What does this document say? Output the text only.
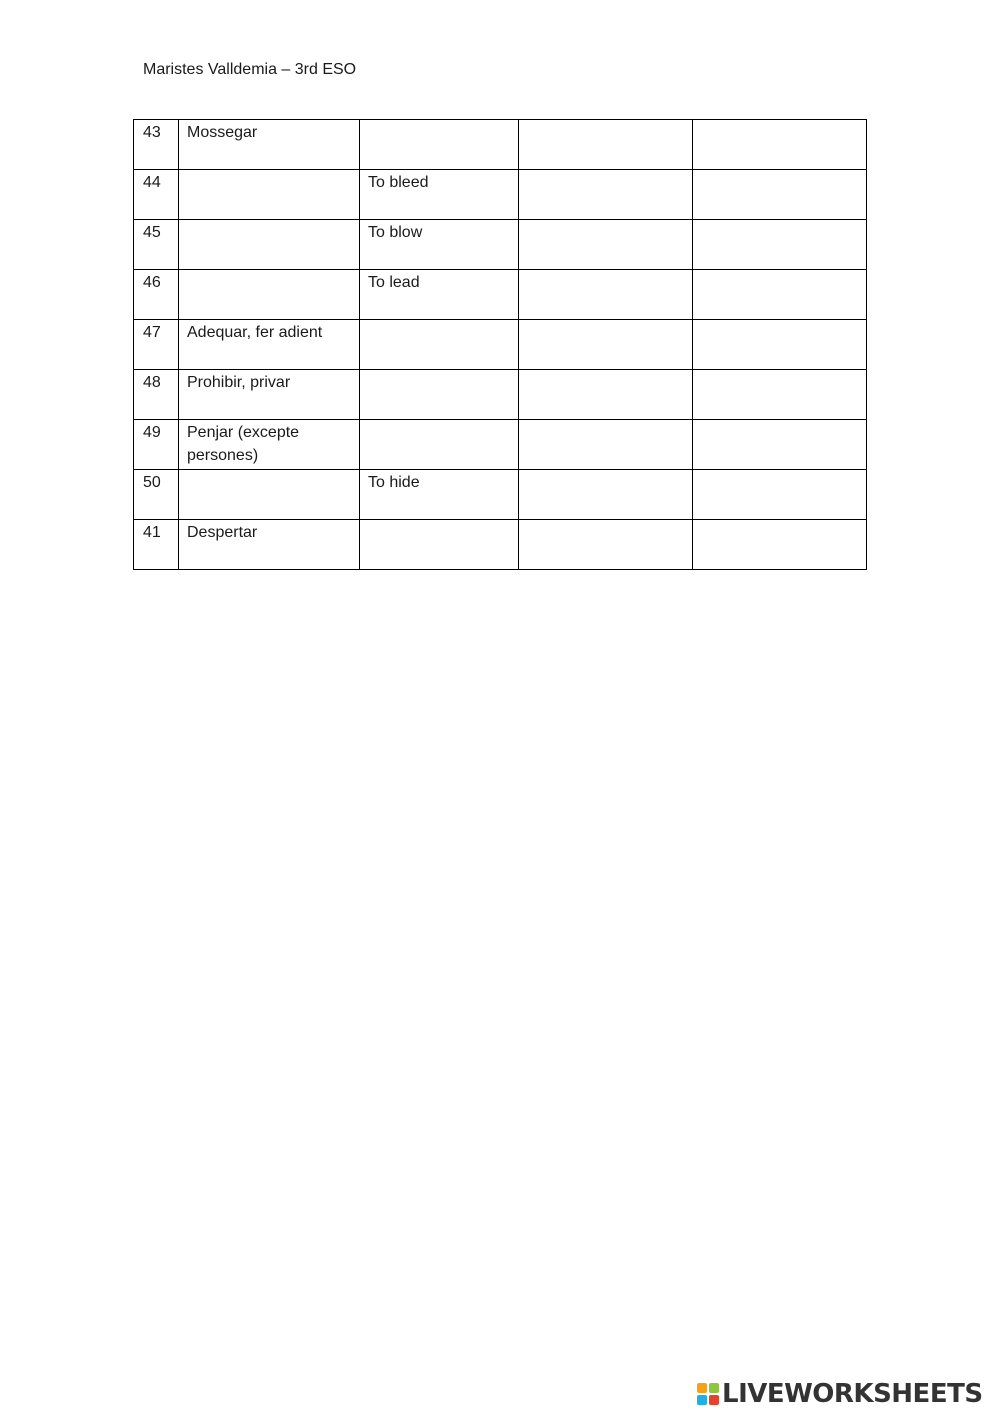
Maristes Valldemia – 3rd ESO
43	Mossegar			

44		To bleed		

45		To blow		

46		To lead		

47	Adequar, fer adient			

48	Prohibir, privar			

49	Penjar (excepte persones)			

50		To hide		

41	Despertar			

LIVEWORKSHEETS
